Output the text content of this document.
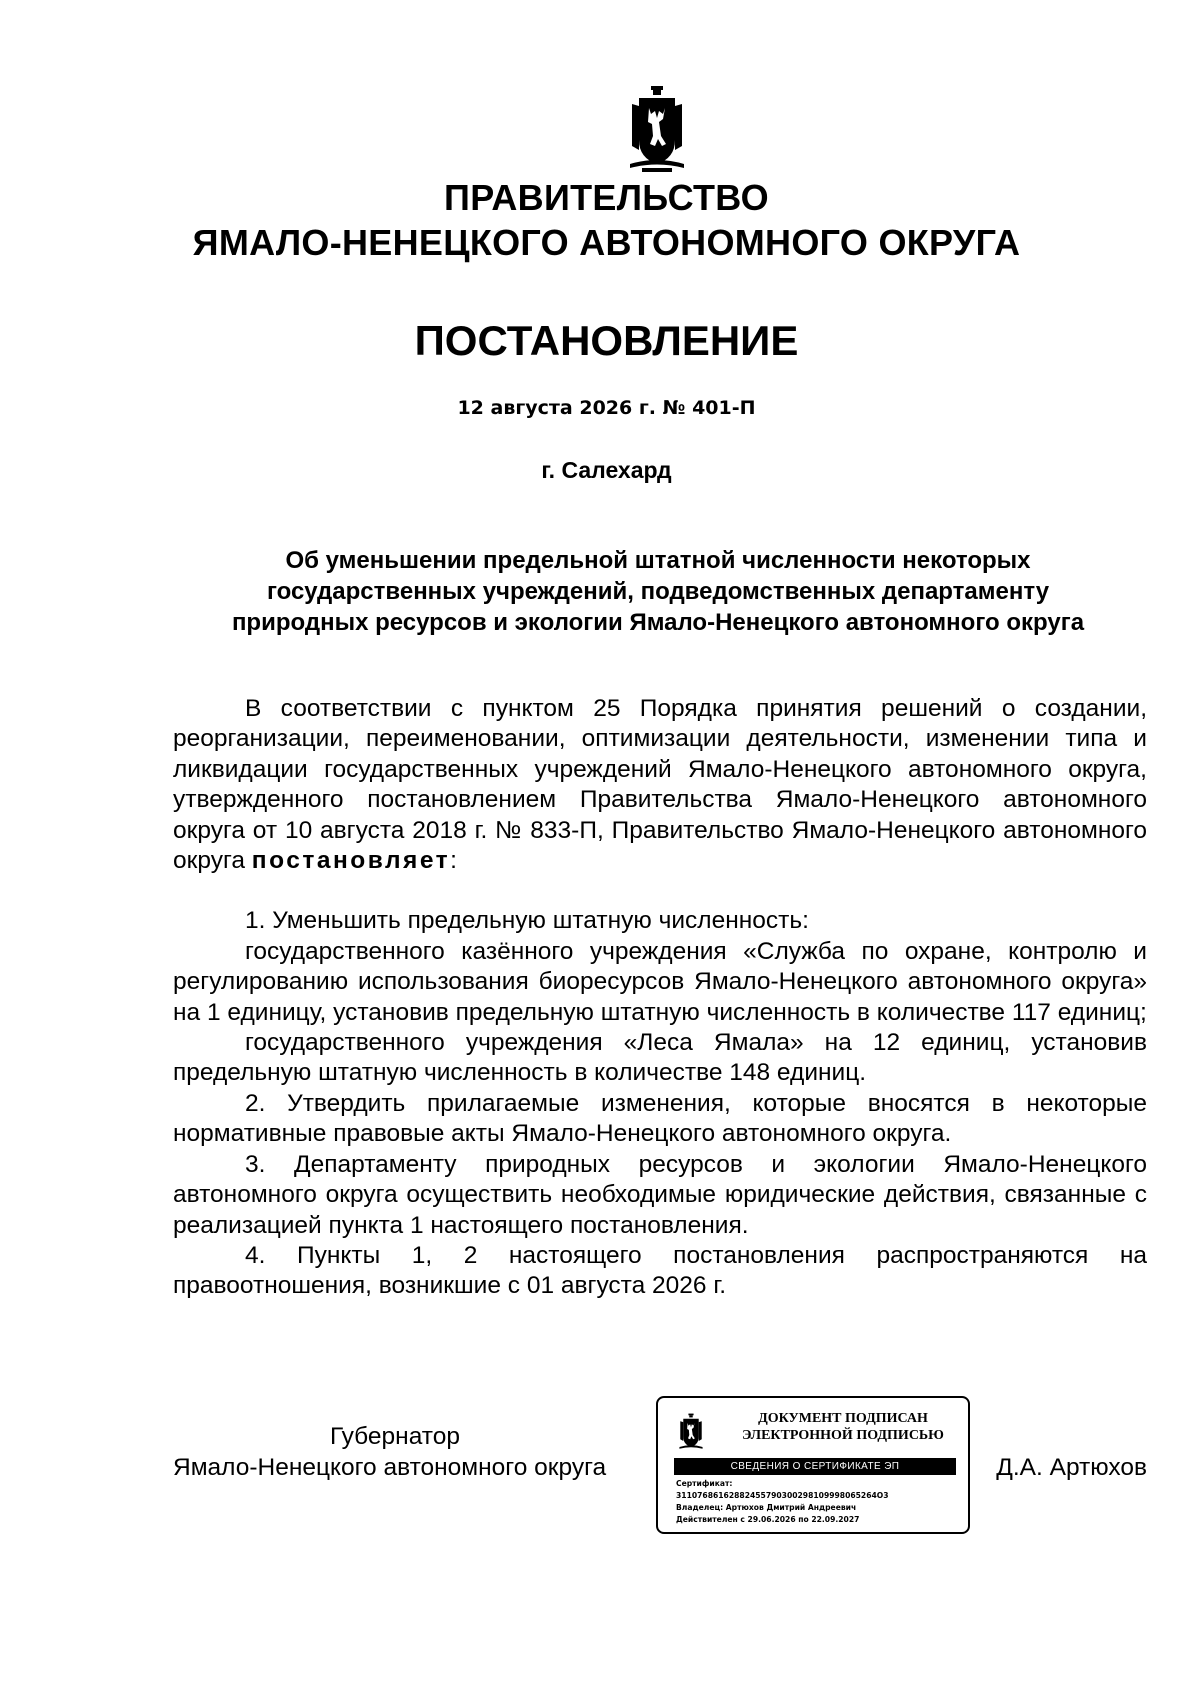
ПРАВИТЕЛЬСТВО
ЯМАЛО-НЕНЕЦКОГО АВТОНОМНОГО ОКРУГА
ПОСТАНОВЛЕНИЕ
12 августа 2026 г. № 401-П
г. Салехард
Об уменьшении предельной штатной численности некоторых
государственных учреждений, подведомственных департаменту
природных ресурсов и экологии Ямало-Ненецкого автономного округа

В соответствии с пунктом 25 Порядка принятия решений о создании, реорганизации, переименовании, оптимизации деятельности, изменении типа и ликвидации государственных учреждений Ямало-Ненецкого автономного округа, утвержденного постановлением Правительства Ямало-Ненецкого автономного округа от 10 августа 2018 г. № 833-П, Правительство Ямало-Ненецкого автономного округа постановляет:

1. Уменьшить предельную штатную численность:

государственного казённого учреждения «Служба по охране, контролю и регулированию использования биоресурсов Ямало-Ненецкого автономного округа» на 1 единицу, установив предельную штатную численность в количестве 117 единиц;

государственного учреждения «Леса Ямала» на 12 единиц, установив предельную штатную численность в количестве 148 единиц.

2. Утвердить прилагаемые изменения, которые вносятся в некоторые нормативные правовые акты Ямало-Ненецкого автономного округа.

3. Департаменту природных ресурсов и экологии Ямало-Ненецкого автономного округа осуществить необходимые юридические действия, связанные с реализацией пункта 1 настоящего постановления.

4. Пункты 1, 2 настоящего постановления распространяются на правоотношения, возникшие с 01 августа 2026 г.

Губернатор
Ямало-Ненецкого автономного округа
ДОКУМЕНТ ПОДПИСАН
ЭЛЕКТРОННОЙ ПОДПИСЬЮ
СВЕДЕНИЯ О СЕРТИФИКАТЕ ЭП
Сертификат:
31107686162882455790300298109998065264O3
Владелец: Артюхов Дмитрий Андреевич
Действителен с 29.06.2026 по 22.09.2027
Д.А. Артюхов
